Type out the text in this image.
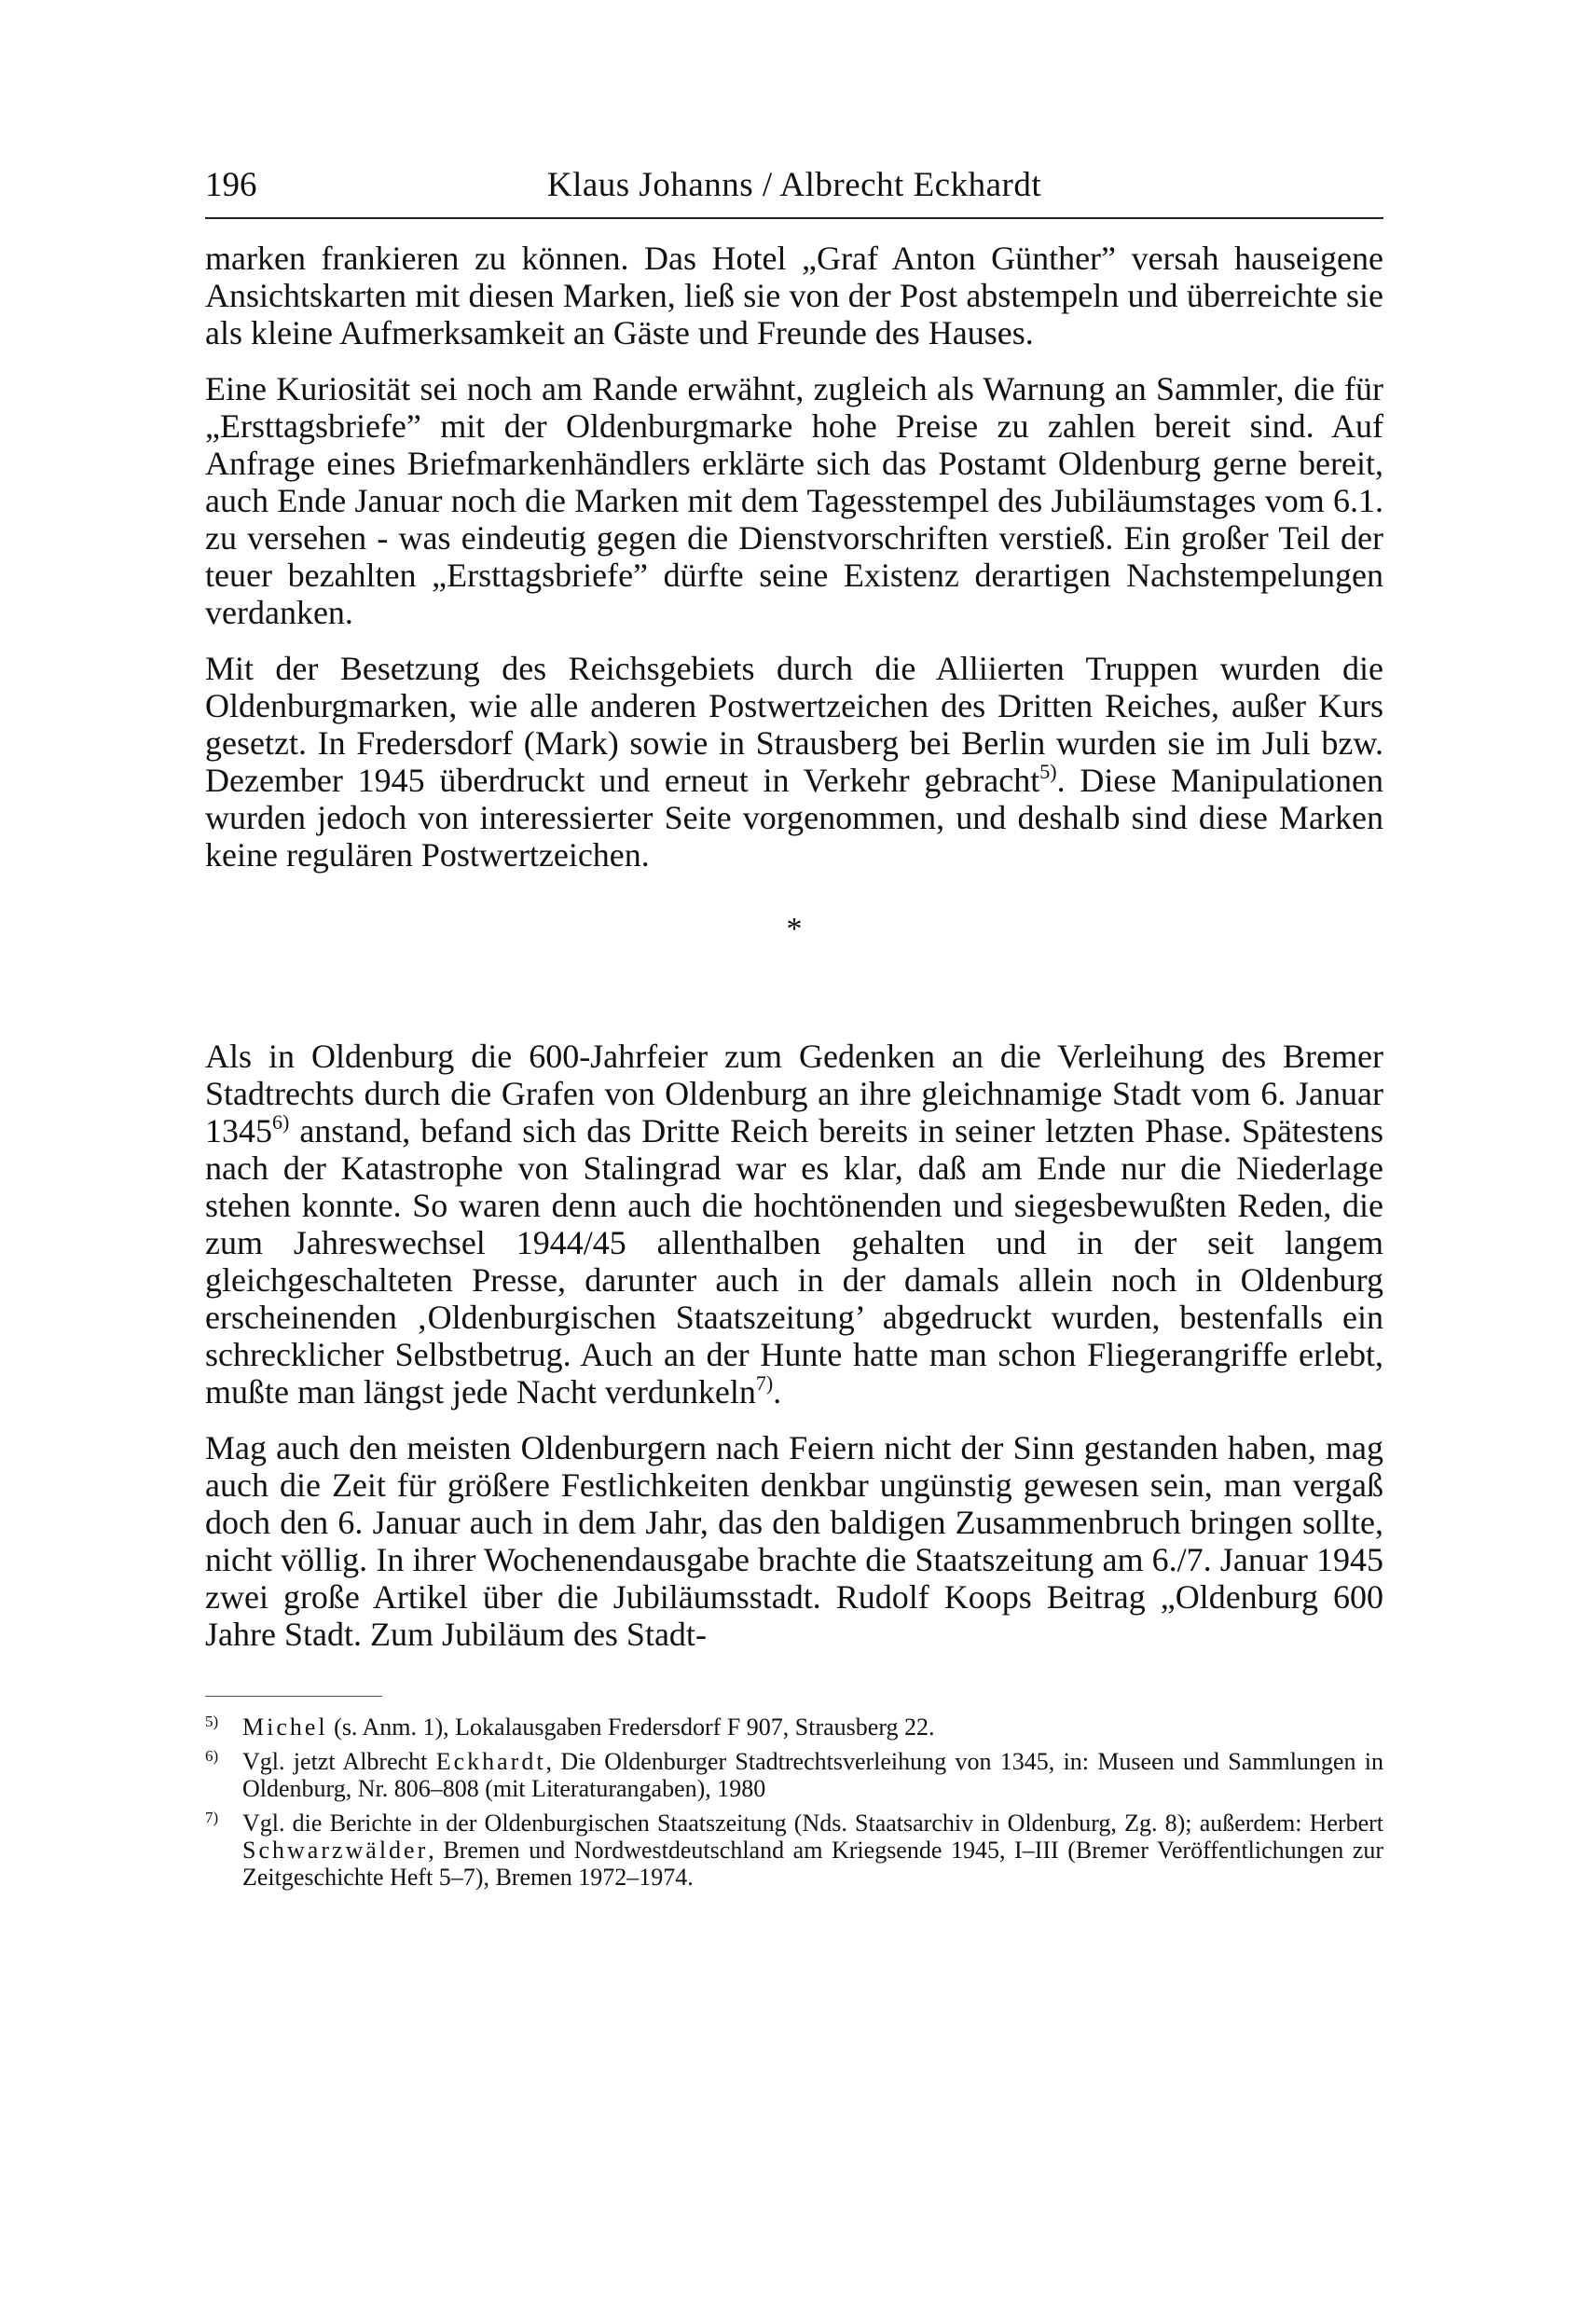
196	Klaus Johanns / Albrecht Eckhardt

marken frankieren zu können. Das Hotel „Graf Anton Günther” versah hauseigene Ansichtskarten mit diesen Marken, ließ sie von der Post abstempeln und überreichte sie als kleine Aufmerksamkeit an Gäste und Freunde des Hauses.

Eine Kuriosität sei noch am Rande erwähnt, zugleich als Warnung an Sammler, die für „Ersttagsbriefe” mit der Oldenburgmarke hohe Preise zu zahlen bereit sind. Auf Anfrage eines Briefmarkenhändlers erklärte sich das Postamt Oldenburg gerne bereit, auch Ende Januar noch die Marken mit dem Tagesstempel des Jubiläumstages vom 6.1. zu versehen - was eindeutig gegen die Dienstvorschriften verstieß. Ein großer Teil der teuer bezahlten „Ersttagsbriefe” dürfte seine Existenz derartigen Nachstempelungen verdanken.

Mit der Besetzung des Reichsgebiets durch die Alliierten Truppen wurden die Oldenburgmarken, wie alle anderen Postwertzeichen des Dritten Reiches, außer Kurs gesetzt. In Fredersdorf (Mark) sowie in Strausberg bei Berlin wurden sie im Juli bzw. Dezember 1945 überdruckt und erneut in Verkehr gebracht$^{5)}$. Diese Manipulationen wurden jedoch von interessierter Seite vorgenommen, und deshalb sind diese Marken keine regulären Postwertzeichen.

*

Als in Oldenburg die 600-Jahrfeier zum Gedenken an die Verleihung des Bremer Stadtrechts durch die Grafen von Oldenburg an ihre gleichnamige Stadt vom 6. Januar 1345$^{6)}$ anstand, befand sich das Dritte Reich bereits in seiner letzten Phase. Spätestens nach der Katastrophe von Stalingrad war es klar, daß am Ende nur die Niederlage stehen konnte. So waren denn auch die hochtönenden und siegesbewußten Reden, die zum Jahreswechsel 1944/45 allenthalben gehalten und in der seit langem gleichgeschalteten Presse, darunter auch in der damals allein noch in Oldenburg erscheinenden ‚Oldenburgischen Staatszeitung’ abgedruckt wurden, bestenfalls ein schrecklicher Selbstbetrug. Auch an der Hunte hatte man schon Fliegerangriffe erlebt, mußte man längst jede Nacht verdunkeln$^{7)}$.

Mag auch den meisten Oldenburgern nach Feiern nicht der Sinn gestanden haben, mag auch die Zeit für größere Festlichkeiten denkbar ungünstig gewesen sein, man vergaß doch den 6. Januar auch in dem Jahr, das den baldigen Zusammenbruch bringen sollte, nicht völlig. In ihrer Wochenendausgabe brachte die Staatszeitung am 6./7. Januar 1945 zwei große Artikel über die Jubiläumsstadt. Rudolf Koops Beitrag „Oldenburg 600 Jahre Stadt. Zum Jubiläum des Stadt-

$^{5)}$ Michel (s. Anm. 1), Lokalausgaben Fredersdorf F 907, Strausberg 22.
$^{6)}$ Vgl. jetzt Albrecht Eckhardt, Die Oldenburger Stadtrechtsverleihung von 1345, in: Museen und Sammlungen in Oldenburg, Nr. 806–808 (mit Literaturangaben), 1980
$^{7)}$ Vgl. die Berichte in der Oldenburgischen Staatszeitung (Nds. Staatsarchiv in Oldenburg, Zg. 8); außerdem: Herbert Schwarzwälder, Bremen und Nordwestdeutschland am Kriegsende 1945, I–III (Bremer Veröffentlichungen zur Zeitgeschichte Heft 5–7), Bremen 1972–1974.
